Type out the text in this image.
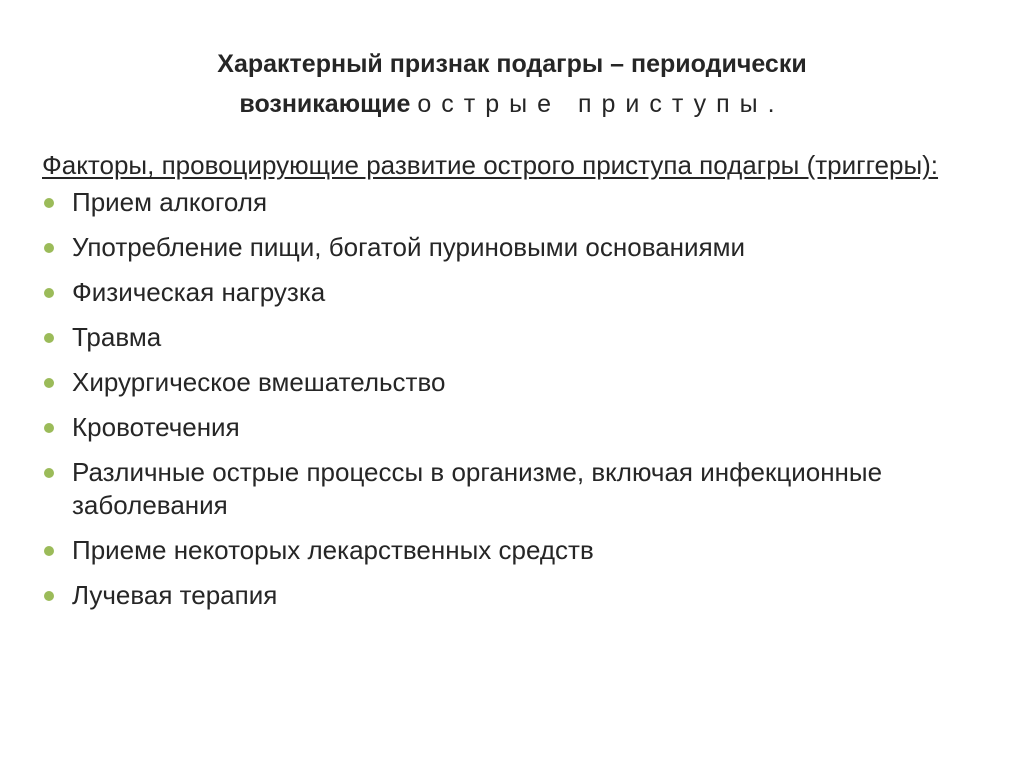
Характерный признак подагры – периодически
возникающие острые приступы.

Факторы, провоцирующие развитие острого приступа подагры (триггеры):

Прием алкоголя
Употребление пищи, богатой пуриновыми основаниями
Физическая нагрузка
Травма
Хирургическое вмешательство
Кровотечения
Различные острые процессы в организме, включая инфекционные заболевания
Приеме некоторых лекарственных средств
Лучевая терапия
